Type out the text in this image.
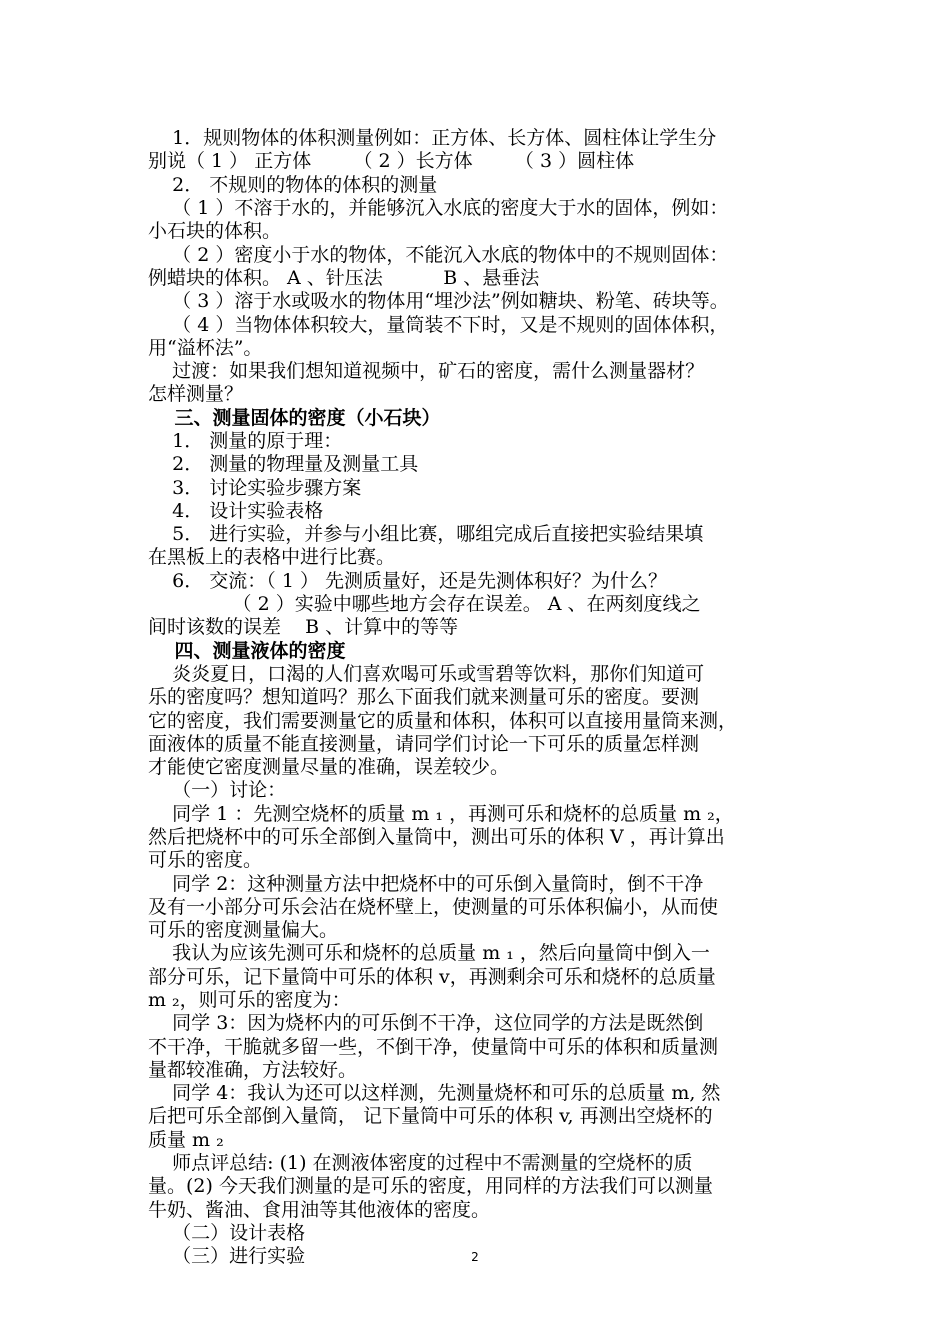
1．规则物体的体积测量例如：正方体、长方体、圆柱体让学生分
别说（ 1 ） 正方体       （ 2 ）长方体       （ 3 ）圆柱体
2． 不规则的物体的体积的测量
（ 1 ）不溶于水的，并能够沉入水底的密度大于水的固体，例如：
小石块的体积。
（ 2 ）密度小于水的物体，不能沉入水底的物体中的不规则固体：
例蜡块的体积。 A 、针压法          B 、悬垂法
（ 3 ）溶于水或吸水的物体用“埋沙法”例如糖块、粉笔、砖块等。
（ 4 ）当物体体积较大，量筒装不下时，又是不规则的固体体积，
用“溢杯法”。
过渡：如果我们想知道视频中，矿石的密度，需什么测量器材？
怎样测量？
三、测量固体的密度（小石块）
1． 测量的原于理：
2． 测量的物理量及测量工具
3． 讨论实验步骤方案
4． 设计实验表格
5． 进行实验，并参与小组比赛，哪组完成后直接把实验结果填
在黑板上的表格中进行比赛。
6． 交流：（ 1 ） 先测质量好，还是先测体积好？为什么？
（ 2 ）实验中哪些地方会存在误差。 A 、在两刻度线之
间时该数的误差    B 、计算中的等等
四、测量液体的密度
炎炎夏日，口渴的人们喜欢喝可乐或雪碧等饮料，那你们知道可
乐的密度吗？想知道吗？那么下面我们就来测量可乐的密度。要测
它的密度，我们需要测量它的质量和体积，体积可以直接用量筒来测，
面液体的质量不能直接测量，请同学们讨论一下可乐的质量怎样测
才能使它密度测量尽量的准确，误差较少。
（一）讨论：
同学 1 ：先测空烧杯的质量 m ₁ ，再测可乐和烧杯的总质量 m ₂，
然后把烧杯中的可乐全部倒入量筒中，测出可乐的体积 V ，再计算出
可乐的密度。
同学 2：这种测量方法中把烧杯中的可乐倒入量筒时，倒不干净
及有一小部分可乐会沾在烧杯壁上，使测量的可乐体积偏小，从而使
可乐的密度测量偏大。
我认为应该先测可乐和烧杯的总质量 m ₁ ，然后向量筒中倒入一
部分可乐，记下量筒中可乐的体积 v，再测剩余可乐和烧杯的总质量
m ₂，则可乐的密度为：
同学 3：因为烧杯内的可乐倒不干净，这位同学的方法是既然倒
不干净，干脆就多留一些，不倒干净，使量筒中可乐的体积和质量测
量都较准确，方法较好。
同学 4：我认为还可以这样测，先测量烧杯和可乐的总质量 m, 然
后把可乐全部倒入量筒， 记下量筒中可乐的体积 v, 再测出空烧杯的
质量 m ₂
师点评总结: (1) 在测液体密度的过程中不需测量的空烧杯的质
量。(2) 今天我们测量的是可乐的密度，用同样的方法我们可以测量
牛奶、酱油、食用油等其他液体的密度。
（二）设计表格
（三）进行实验	2
